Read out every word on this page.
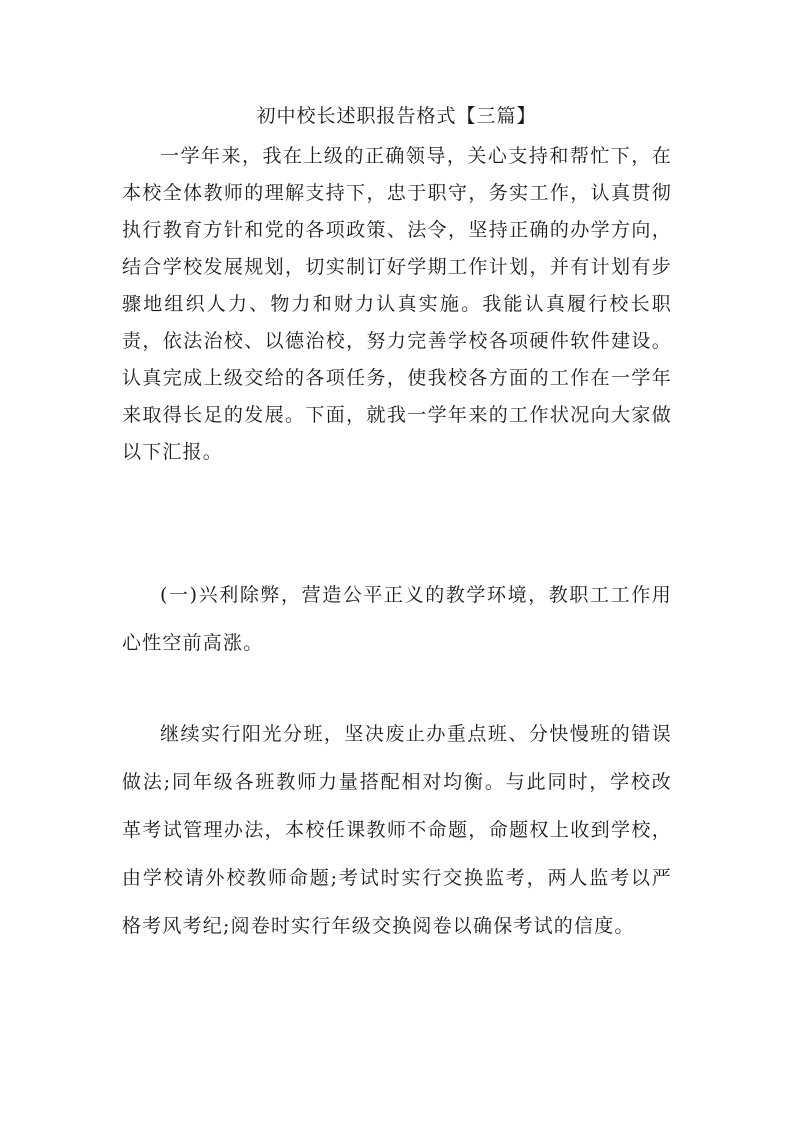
初中校长述职报告格式【三篇】

一学年来，我在上级的正确领导，关心支持和帮忙下，在本校全体教师的理解支持下，忠于职守，务实工作，认真贯彻执行教育方针和党的各项政策、法令，坚持正确的办学方向，结合学校发展规划，切实制订好学期工作计划，并有计划有步骤地组织人力、物力和财力认真实施。我能认真履行校长职责，依法治校、以德治校，努力完善学校各项硬件软件建设。认真完成上级交给的各项任务，使我校各方面的工作在一学年来取得长足的发展。下面，就我一学年来的工作状况向大家做以下汇报。

(一)兴利除弊，营造公平正义的教学环境，教职工工作用心性空前高涨。

继续实行阳光分班，坚决废止办重点班、分快慢班的错误做法;同年级各班教师力量搭配相对均衡。与此同时，学校改革考试管理办法，本校任课教师不命题，命题权上收到学校，由学校请外校教师命题;考试时实行交换监考，两人监考以严格考风考纪;阅卷时实行年级交换阅卷以确保考试的信度。
